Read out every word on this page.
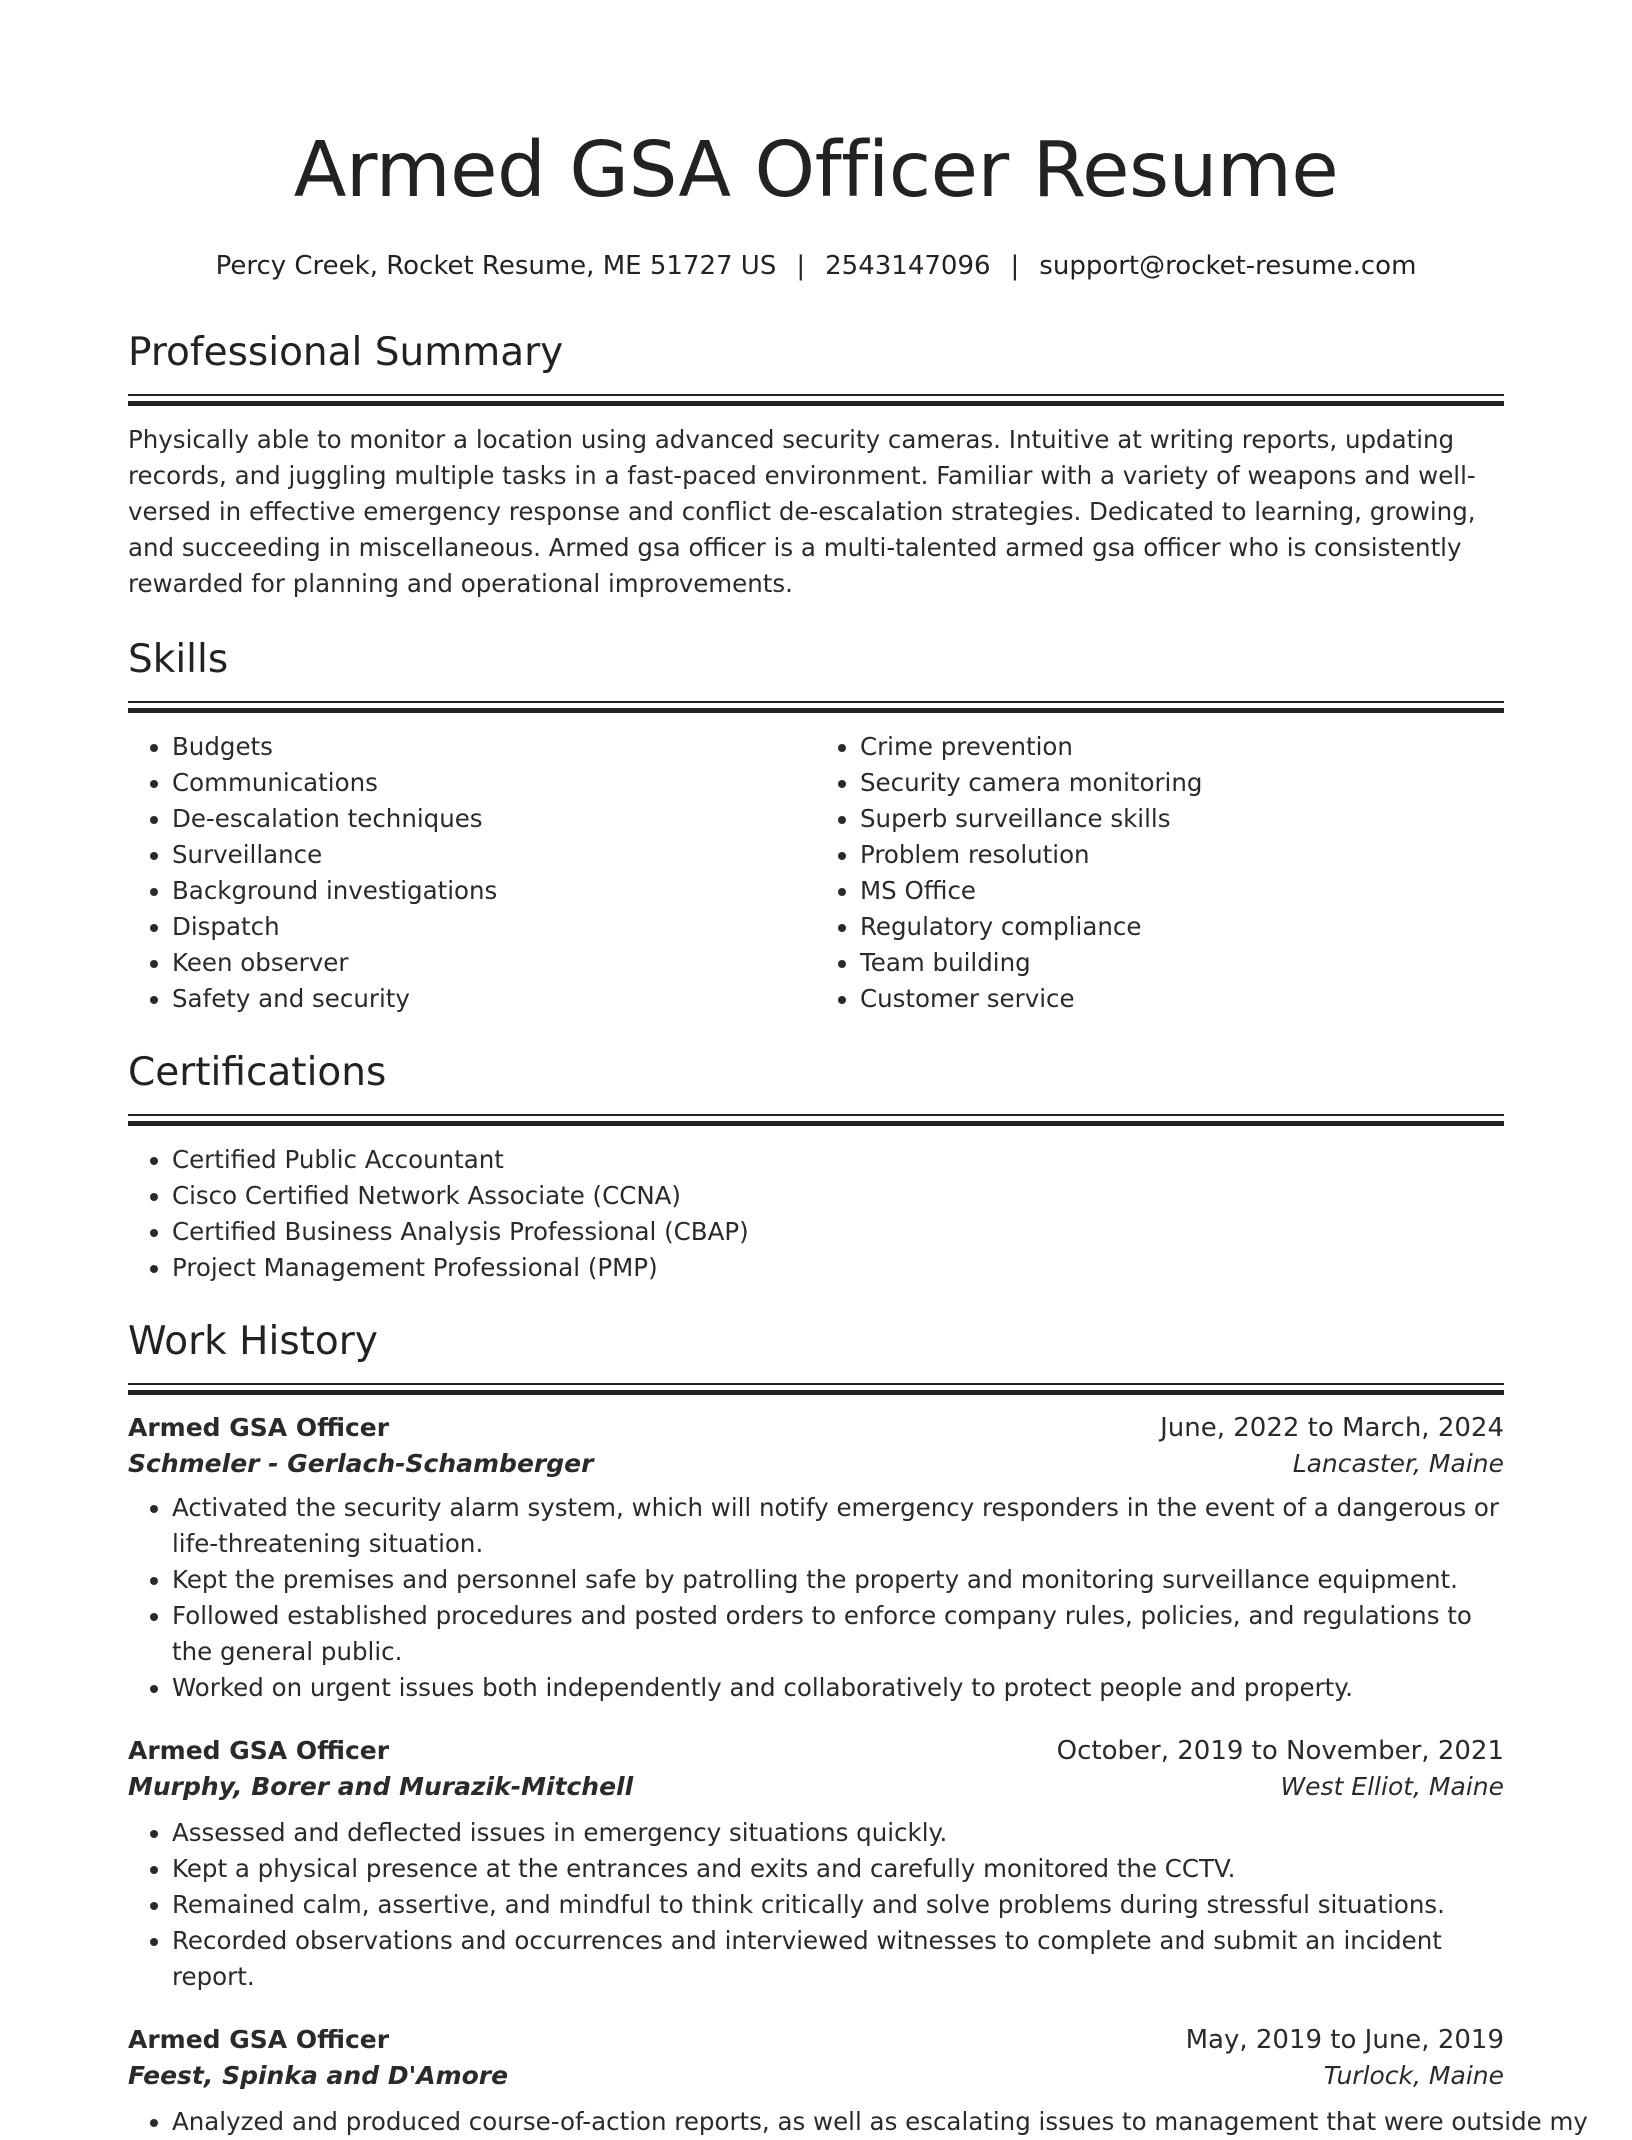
Armed GSA Officer Resume
Percy Creek, Rocket Resume, ME 51727 US | 2543147096 | support@rocket-resume.com
Professional Summary

Physically able to monitor a location using advanced security cameras. Intuitive at writing reports, updating records, and juggling multiple tasks in a fast-paced environment. Familiar with a variety of weapons and well-versed in effective emergency response and conflict de-escalation strategies. Dedicated to learning, growing, and succeeding in miscellaneous. Armed gsa officer is a multi-talented armed gsa officer who is consistently rewarded for planning and operational improvements.

Skills
• Budgets
• Communications
• De-escalation techniques
• Surveillance
• Background investigations
• Dispatch
• Keen observer
• Safety and security
• Crime prevention
• Security camera monitoring
• Superb surveillance skills
• Problem resolution
• MS Office
• Regulatory compliance
• Team building
• Customer service
Certifications
• Certified Public Accountant
• Cisco Certified Network Associate (CCNA)
• Certified Business Analysis Professional (CBAP)
• Project Management Professional (PMP)
Work History
Armed GSA Officer	June, 2022 to March, 2024
Schmeler - Gerlach-Schamberger	Lancaster, Maine
• Activated the security alarm system, which will notify emergency responders in the event of a dangerous or life-threatening situation.
• Kept the premises and personnel safe by patrolling the property and monitoring surveillance equipment.
• Followed established procedures and posted orders to enforce company rules, policies, and regulations to the general public.
• Worked on urgent issues both independently and collaboratively to protect people and property.
Armed GSA Officer	October, 2019 to November, 2021
Murphy, Borer and Murazik-Mitchell	West Elliot, Maine
• Assessed and deflected issues in emergency situations quickly.
• Kept a physical presence at the entrances and exits and carefully monitored the CCTV.
• Remained calm, assertive, and mindful to think critically and solve problems during stressful situations.
• Recorded observations and occurrences and interviewed witnesses to complete and submit an incident report.
Armed GSA Officer	May, 2019 to June, 2019
Feest, Spinka and D'Amore	Turlock, Maine
• Analyzed and produced course-of-action reports, as well as escalating issues to management that were outside my
